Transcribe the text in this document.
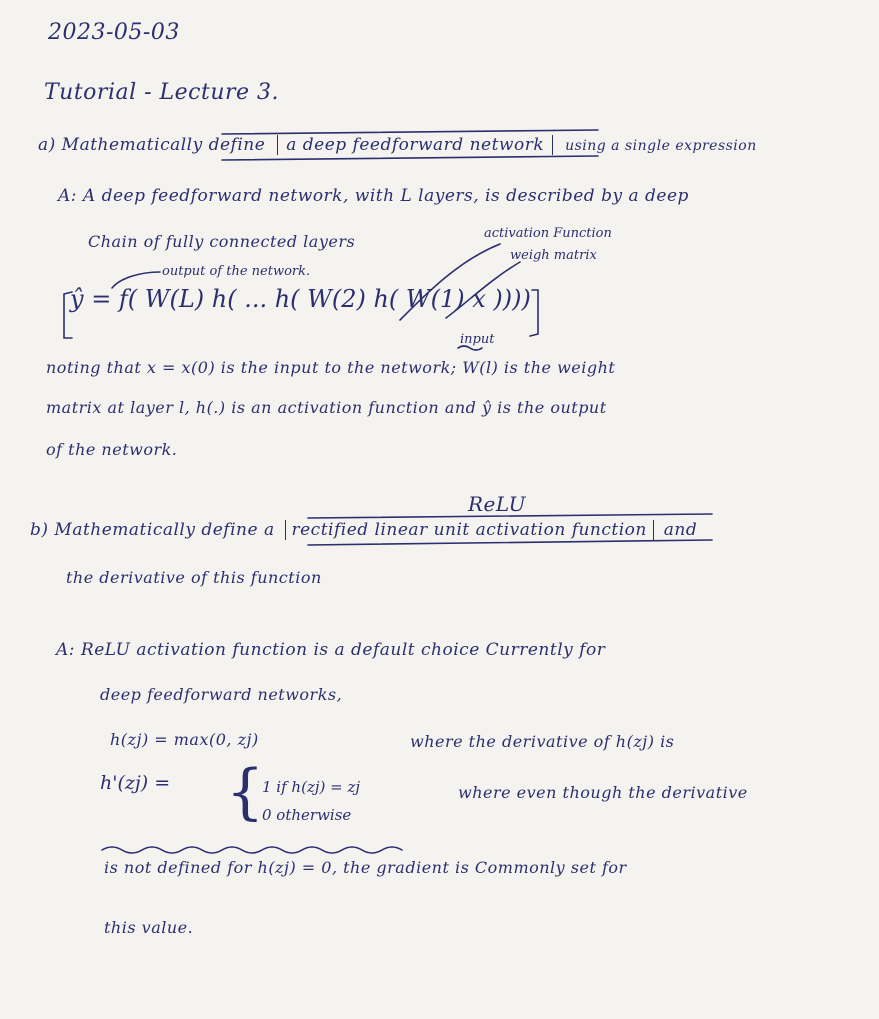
2023-05-03
Tutorial - Lecture 3.
a) Mathematically define a deep feedforward network using a single expression
A: A deep feedforward network, with L layers, is described by a deep
Chain of fully connected layers	activation Function
weigh matrix
output of the network.
ŷ = f( W(L) h( ... h( W(2) h( W(1) x ))))
input
noting that x = x(0) is the input to the network; W(l) is the weight
matrix at layer l, h(.) is an activation function and ŷ is the output
of the network.
ReLU
b) Mathematically define a rectified linear unit activation function and
the derivative of this function
A: ReLU activation function is a default choice Currently for
deep feedforward networks,
h(zj) = max(0, zj)	where the derivative of h(zj) is
h'(zj) = {
1 if h(zj) = zj
0 otherwise
where even though the derivative
is not defined for h(zj) = 0, the gradient is Commonly set for
this value.
